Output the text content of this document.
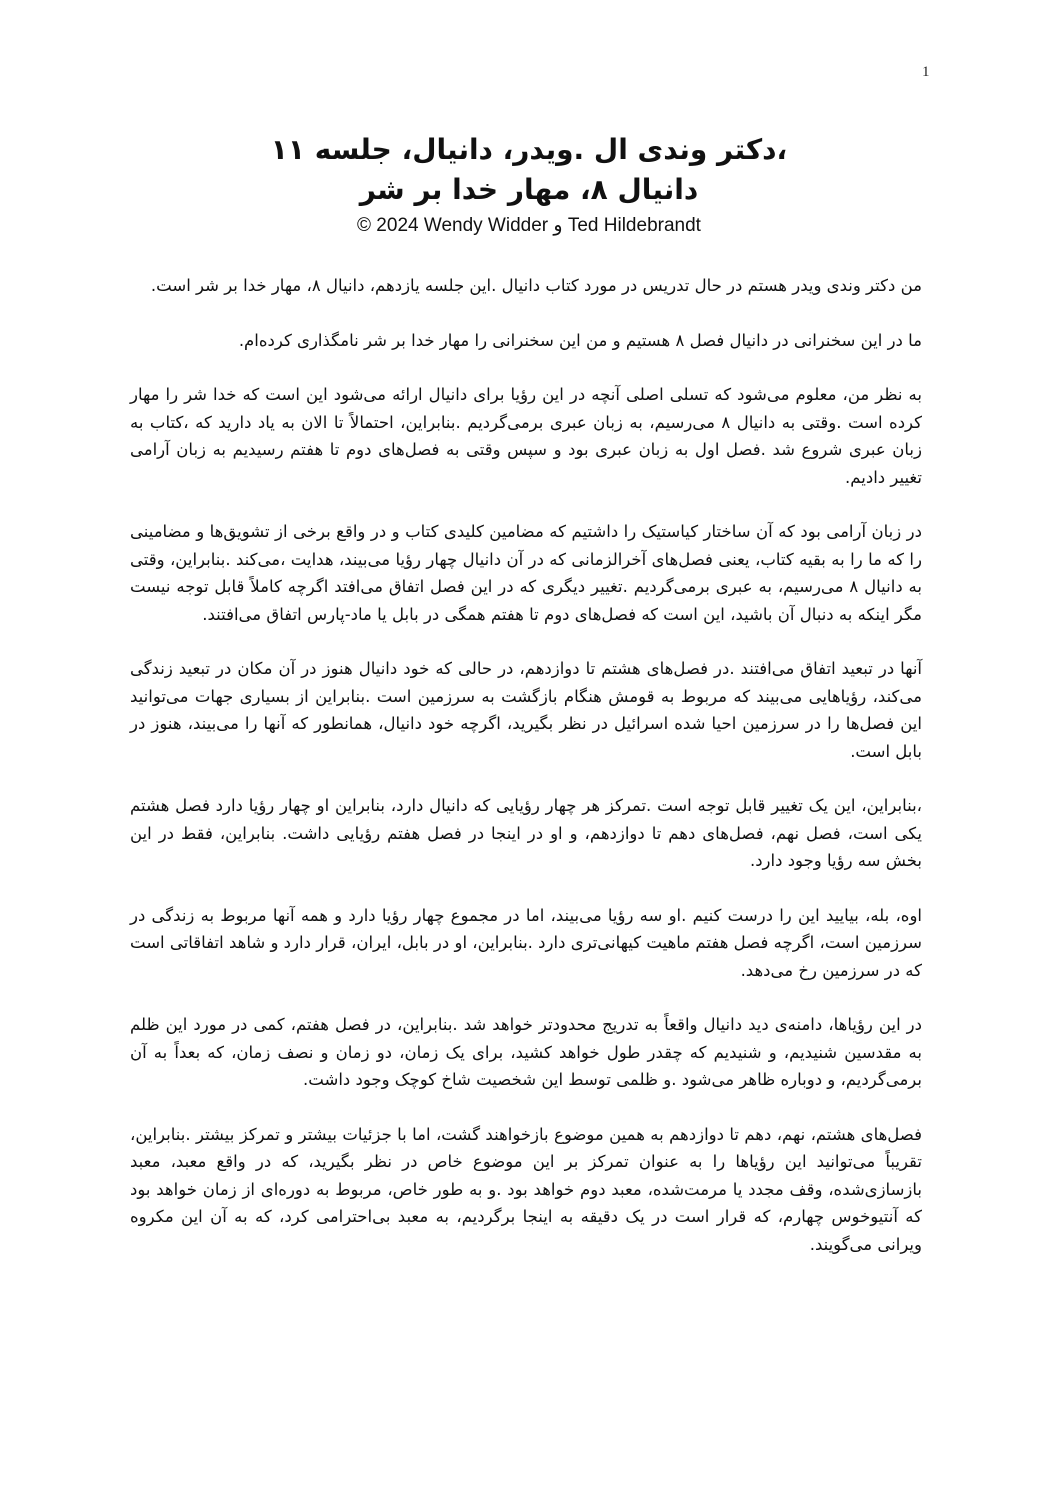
1
،دکتر وندی ال .ویدر، دانیال، جلسه ۱۱
دانیال ۸، مهار خدا بر شر
© 2024 Wendy Widder و Ted Hildebrandt

من دکتر وندی ویدر هستم در حال تدریس در مورد کتاب دانیال .این جلسه یازدهم، دانیال ۸، مهار خدا بر شر است.

ما در این سخنرانی در دانیال فصل ۸ هستیم و من این سخنرانی را مهار خدا بر شر نامگذاری کرده‌ام.

به نظر من، معلوم می‌شود که تسلی اصلی آنچه در این رؤیا برای دانیال ارائه می‌شود این است که خدا شر را مهار کرده است .وقتی به دانیال ۸ می‌رسیم، به زبان عبری برمی‌گردیم .بنابراین، احتمالاً تا الان به یاد دارید که ،کتاب به زبان عبری شروع شد .فصل اول به زبان عبری بود و سپس وقتی به فصل‌های دوم تا هفتم رسیدیم به زبان آرامی تغییر دادیم.

در زبان آرامی بود که آن ساختار کیاستیک را داشتیم که مضامین کلیدی کتاب و در واقع برخی از تشویق‌ها و مضامینی را که ما را به بقیه کتاب، یعنی فصل‌های آخرالزمانی که در آن دانیال چهار رؤیا می‌بیند، هدایت ،می‌کند .بنابراین، وقتی به دانیال ۸ می‌رسیم، به عبری برمی‌گردیم .تغییر دیگری که در این فصل اتفاق می‌افتد اگرچه کاملاً قابل توجه نیست مگر اینکه به دنبال آن باشید، این است که فصل‌های دوم تا هفتم همگی در بابل یا ماد-پارس اتفاق می‌افتند.

آنها در تبعید اتفاق می‌افتند .در فصل‌های هشتم تا دوازدهم، در حالی که خود دانیال هنوز در آن مکان در تبعید زندگی می‌کند، رؤیاهایی می‌بیند که مربوط به قومش هنگام بازگشت به سرزمین است .بنابراین از بسیاری جهات می‌توانید این فصل‌ها را در سرزمین احیا شده اسرائیل در نظر بگیرید، اگرچه خود دانیال، همانطور که آنها را می‌بیند، هنوز در بابل است.

،بنابراین، این یک تغییر قابل توجه است .تمرکز هر چهار رؤیایی که دانیال دارد، بنابراین او چهار رؤیا دارد فصل هشتم یکی است، فصل نهم، فصل‌های دهم تا دوازدهم، و او در اینجا در فصل هفتم رؤیایی داشت. بنابراین، فقط در این بخش سه رؤیا وجود دارد.

اوه، بله، بیایید این را درست کنیم .او سه رؤیا می‌بیند، اما در مجموع چهار رؤیا دارد و همه آنها مربوط به زندگی در سرزمین است، اگرچه فصل هفتم ماهیت کیهانی‌تری دارد .بنابراین، او در بابل، ایران، قرار دارد و شاهد اتفاقاتی است که در سرزمین رخ می‌دهد.

در این رؤیاها، دامنه‌ی دید دانیال واقعاً به تدریج محدودتر خواهد شد .بنابراین، در فصل هفتم، کمی در مورد این ظلم به مقدسین شنیدیم، و شنیدیم که چقدر طول خواهد کشید، برای یک زمان، دو زمان و نصف زمان، که بعداً به آن برمی‌گردیم، و دوباره ظاهر می‌شود .و ظلمی توسط این شخصیت شاخ کوچک وجود داشت.

فصل‌های هشتم، نهم، دهم تا دوازدهم به همین موضوع بازخواهند گشت، اما با جزئیات بیشتر و تمرکز بیشتر .بنابراین، تقریباً می‌توانید این رؤیاها را به عنوان تمرکز بر این موضوع خاص در نظر بگیرید، که در واقع معبد، معبد بازسازی‌شده، وقف مجدد یا مرمت‌شده، معبد دوم خواهد بود .و به طور خاص، مربوط به دوره‌ای از زمان خواهد بود که آنتیوخوس چهارم، که قرار است در یک دقیقه به اینجا برگردیم، به معبد بی‌احترامی کرد، که به آن این مکروه ویرانی می‌گویند.
